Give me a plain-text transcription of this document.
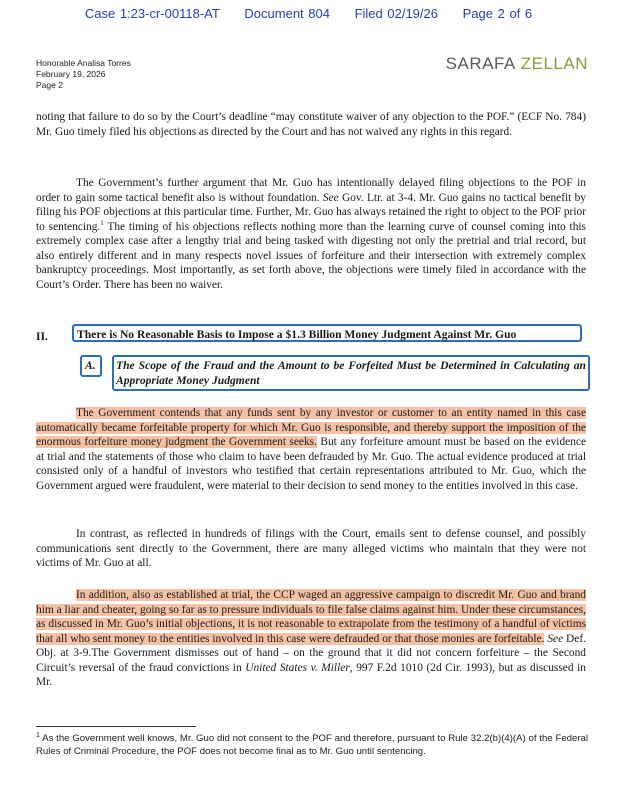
Case 1:23-cr-00118-AT Document 804 Filed 02/19/26 Page 2 of 6
Honorable Analisa Torres
February 19, 2026
Page 2
SARAFA ZELLAN

noting that failure to do so by the Court’s deadline “may constitute waiver of any objection to the POF.” (ECF No. 784) Mr. Guo timely filed his objections as directed by the Court and has not waived any rights in this regard.

The Government’s further argument that Mr. Guo has intentionally delayed filing objections to the POF in order to gain some tactical benefit also is without foundation. See Gov. Ltr. at 3-4. Mr. Guo gains no tactical benefit by filing his POF objections at this particular time. Further, Mr. Guo has always retained the right to object to the POF prior to sentencing.$^1$ The timing of his objections reflects nothing more than the learning curve of counsel coming into this extremely complex case after a lengthy trial and being tasked with digesting not only the pretrial and trial record, but also entirely different and in many respects novel issues of forfeiture and their intersection with extremely complex bankruptcy proceedings. Most importantly, as set forth above, the objections were timely filed in accordance with the Court’s Order. There has been no waiver.

II.	There is No Reasonable Basis to Impose a $1.3 Billion Money Judgment Against Mr. Guo
A. The Scope of the Fraud and the Amount to be Forfeited Must be Determined in Calculating an Appropriate Money Judgment

The Government contends that any funds sent by any investor or customer to an entity named in this case automatically became forfeitable property for which Mr. Guo is responsible, and thereby support the imposition of the enormous forfeiture money judgment the Government seeks. But any forfeiture amount must be based on the evidence at trial and the statements of those who claim to have been defrauded by Mr. Guo. The actual evidence produced at trial consisted only of a handful of investors who testified that certain representations attributed to Mr. Guo, which the Government argued were fraudulent, were material to their decision to send money to the entities involved in this case.

In contrast, as reflected in hundreds of filings with the Court, emails sent to defense counsel, and possibly communications sent directly to the Government, there are many alleged victims who maintain that they were not victims of Mr. Guo at all.

In addition, also as established at trial, the CCP waged an aggressive campaign to discredit Mr. Guo and brand him a liar and cheater, going so far as to pressure individuals to file false claims against him. Under these circumstances, as discussed in Mr. Guo’s initial objections, it is not reasonable to extrapolate from the testimony of a handful of victims that all who sent money to the entities involved in this case were defrauded or that those monies are forfeitable. See Def. Obj. at 3-9.The Government dismisses out of hand – on the ground that it did not concern forfeiture – the Second Circuit’s reversal of the fraud convictions in United States v. Miller, 997 F.2d 1010 (2d Cir. 1993), but as discussed in Mr.

$^1$ As the Government well knows, Mr. Guo did not consent to the POF and therefore, pursuant to Rule 32.2(b)(4)(A) of the Federal Rules of Criminal Procedure, the POF does not become final as to Mr. Guo until sentencing.
